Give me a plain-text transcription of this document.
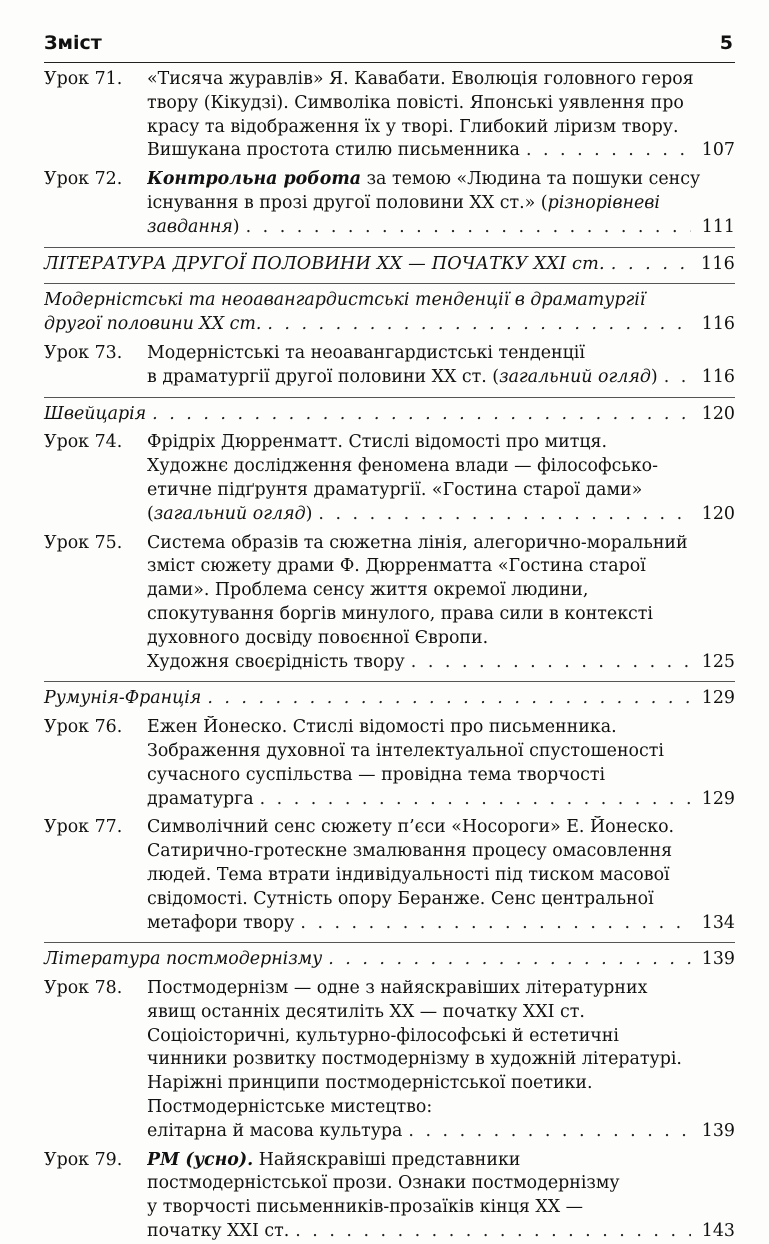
Зміст	5
Урок 71.	«Тисяча журавлів» Я. Кавабати. Еволюція головного героя
твору (Кікудзі). Символіка повісті. Японські уявлення про
красу та відображення їх у творі. Глибокий ліризм твору.
Вишукана простота стилю письменника . . .	107
Урок 72.	Контрольна робота за темою «Людина та пошуки сенсу
існування в прозі другої половини XX ст.» (різнорівневі
завдання) . . .	111
ЛІТЕРАТУРА ДРУГОЇ ПОЛОВИНИ XX — ПОЧАТКУ XXI ст. . . .	116
Модерністські та неоавангардистські тенденції в драматургії
другої половини XX ст. . . .	116
Урок 73.	Модерністські та неоавангардистські тенденції
в драматургії другої половини XX ст. (загальний огляд) . . .	116
Швейцарія . . .	120
Урок 74.	Фрідріх Дюрренматт. Стислі відомості про митця.
Художнє дослідження феномена влади — філософсько-
етичне підґрунтя драматургії. «Гостина старої дами»
(загальний огляд) . . .	120
Урок 75.	Система образів та сюжетна лінія, алегорично-моральний
зміст сюжету драми Ф. Дюрренматта «Гостина старої
дами». Проблема сенсу життя окремої людини,
спокутування боргів минулого, права сили в контексті
духовного досвіду повоєнної Європи.
Художня своєрідність твору . . .	125
Румунія-Франція . . .	129
Урок 76.	Ежен Йонеско. Стислі відомості про письменника.
Зображення духовної та інтелектуальної спустошеності
сучасного суспільства — провідна тема творчості
драматурга . . .	129
Урок 77.	Символічний сенс сюжету п’єси «Носороги» Е. Йонеско.
Сатирично-гротескне змалювання процесу омасовлення
людей. Тема втрати індивідуальності під тиском масової
свідомості. Сутність опору Беранже. Сенс центральної
метафори твору . . .	134
Література постмодернізму . . .	139
Урок 78.	Постмодернізм — одне з найяскравіших літературних
явищ останніх десятиліть XX — початку XXI ст.
Соціоісторичні, культурно-філософські й естетичні
чинники розвитку постмодернізму в художній літературі.
Наріжні принципи постмодерністської поетики.
Постмодерністське мистецтво:
елітарна й масова культура . . .	139
Урок 79.	РМ (усно). Найяскравіші представники
постмодерністської прози. Ознаки постмодернізму
у творчості письменників-прозаїків кінця XX —
початку XXI ст. . . .	143
